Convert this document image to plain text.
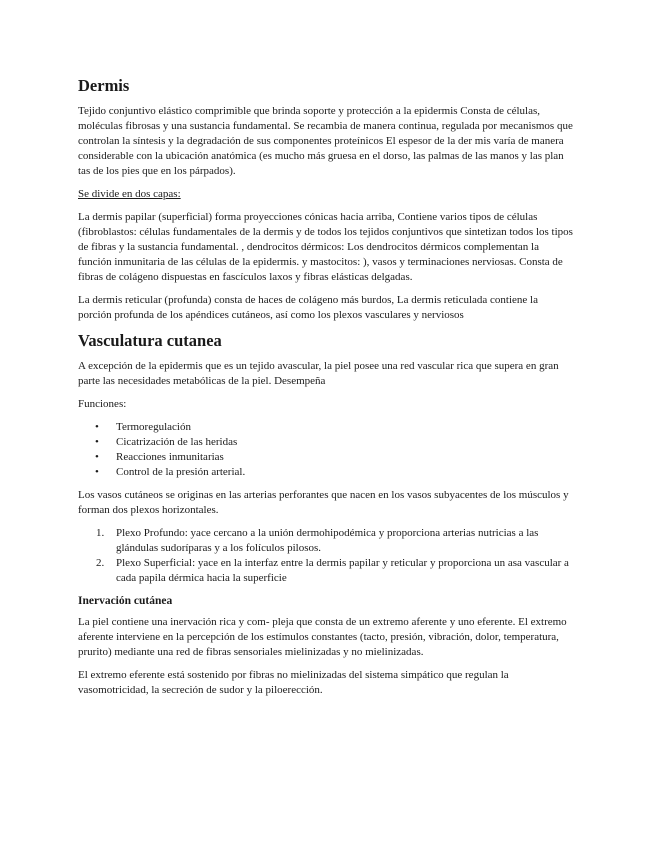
Dermis

Tejido conjuntivo elástico comprimible que brinda soporte y protección a la epidermis Consta de células, moléculas fibrosas y una sustancia fundamental. Se recambia de manera continua, regulada por mecanismos que controlan la síntesis y la degradación de sus componentes proteínicos El espesor de la der mis varía de manera considerable con la ubicación anatómica (es mucho más gruesa en el dorso, las palmas de las manos y las plan tas de los pies que en los párpados).

Se divide en dos capas:

La dermis papilar (superficial) forma proyecciones cónicas hacia arriba, Contiene varios tipos de células (fibroblastos: células fundamentales de la dermis y de todos los tejidos conjuntivos que sintetizan todos los tipos de fibras y la sustancia fundamental. , dendrocitos dérmicos: Los dendrocitos dérmicos complementan la función inmunitaria de las células de la epidermis. y mastocitos: ), vasos y terminaciones nerviosas. Consta de fibras de colágeno dispuestas en fascículos laxos y fibras elásticas delgadas.

La dermis reticular (profunda) consta de haces de colágeno más burdos, La dermis reticulada contiene la porción profunda de los apéndices cutáneos, así como los plexos vasculares y nerviosos

Vasculatura cutanea

A excepción de la epidermis que es un tejido avascular, la piel posee una red vascular rica que supera en gran parte las necesidades metabólicas de la piel. Desempeña

Funciones:

• Termoregulación
• Cicatrización de las heridas
• Reacciones inmunitarias
• Control de la presión arterial.

Los vasos cutáneos se originas en las arterias perforantes que nacen en los vasos subyacentes de los músculos y forman dos plexos horizontales.

1. Plexo Profundo: yace cercano a la unión dermohipodémica y proporciona arterias nutricias a las glándulas sudoríparas y a los folículos pilosos.
2. Plexo Superficial: yace en la interfaz entre la dermis papilar y reticular y proporciona un asa vascular a cada papila dérmica hacia la superficie
Inervación cutánea

La piel contiene una inervación rica y com- pleja que consta de un extremo aferente y uno eferente. El extremo aferente interviene en la percepción de los estímulos constantes (tacto, presión, vibración, dolor, temperatura, prurito) mediante una red de fibras sensoriales mielinizadas y no mielinizadas.

El extremo eferente está sostenido por fibras no mielinizadas del sistema simpático que regulan la vasomotricidad, la secreción de sudor y la piloerección.
